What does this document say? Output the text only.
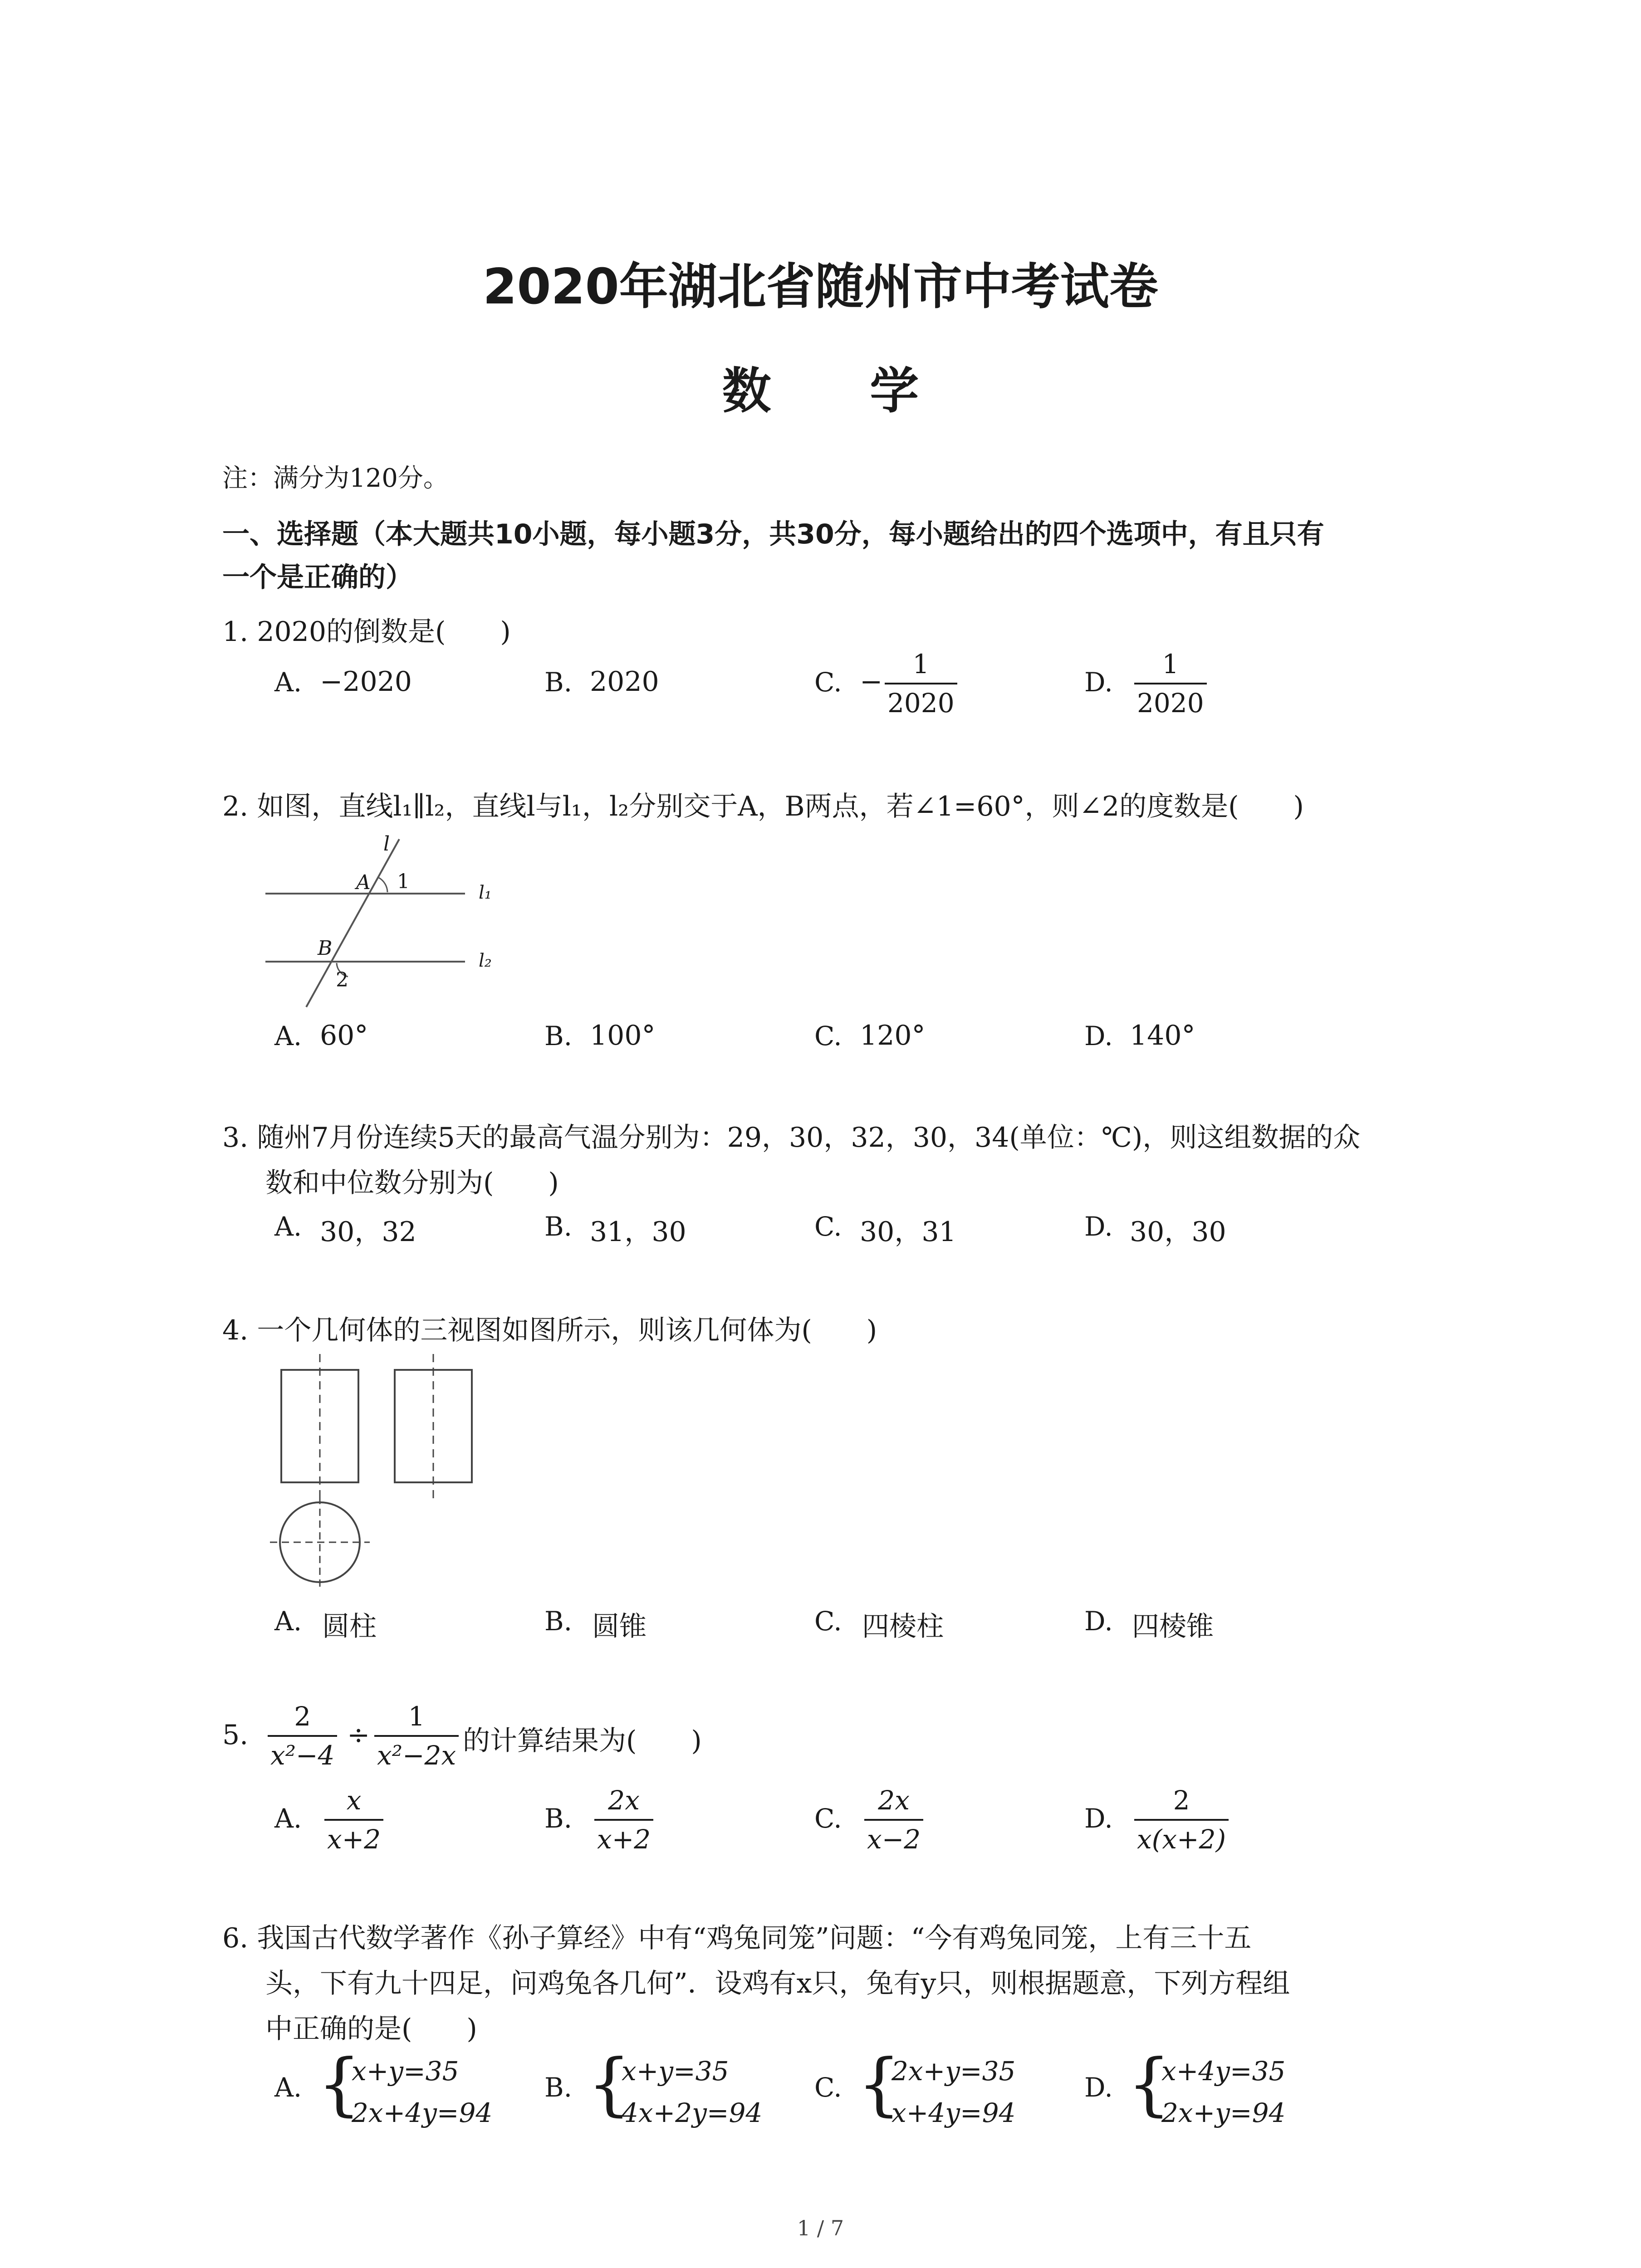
2020年湖北省随州市中考试卷
数 学
注：满分为120分。
一、选择题（本大题共10小题，每小题3分，共30分，每小题给出的四个选项中，有且只有
一个是正确的）
1. 2020的倒数是(　　)
A. −2020	B. 2020	C. − $\frac{1}{2020}$	D. $\frac{1}{2020}$
2. 如图，直线l₁∥l₂，直线l与l₁，l₂分别交于A，B两点，若∠1=60°，则∠2的度数是(　　)
l
A 1	l₁
B
2
l₂
A. 60°	B. 100°	C. 120°	D. 140°
3. 随州7月份连续5天的最高气温分别为：29，30，32，30，34(单位：℃)，则这组数据的众
数和中位数分别为(　　)
A. 30，32	B. 31，30	C. 30，31	D. 30，30
4. 一个几何体的三视图如图所示，则该几何体为(　　)
A. 圆柱	B. 圆锥	C. 四棱柱	D. 四棱锥
5. $\frac{2}{\text{x²−4}} \div \frac{1}{\text{x²−2x}}$ 的计算结果为(　　)
A. $\frac{x}{x+2}$	B. $\frac{2x}{x+2}$	C. $\frac{2x}{x-2}$	D. $\frac{2}{x(x+2)}$
6. 我国古代数学著作《孙子算经》中有“鸡兔同笼”问题：“今有鸡兔同笼，上有三十五
头，下有九十四足，问鸡兔各几何”．设鸡有x只，兔有y只，则根据题意，下列方程组
中正确的是(　　)
A. {
x+y=35
2x+4y=94
B. {
x+y=35
4x+2y=94
C. {
2x+y=35
x+4y=94
D. {
x+4y=35
2x+y=94
1 / 7
